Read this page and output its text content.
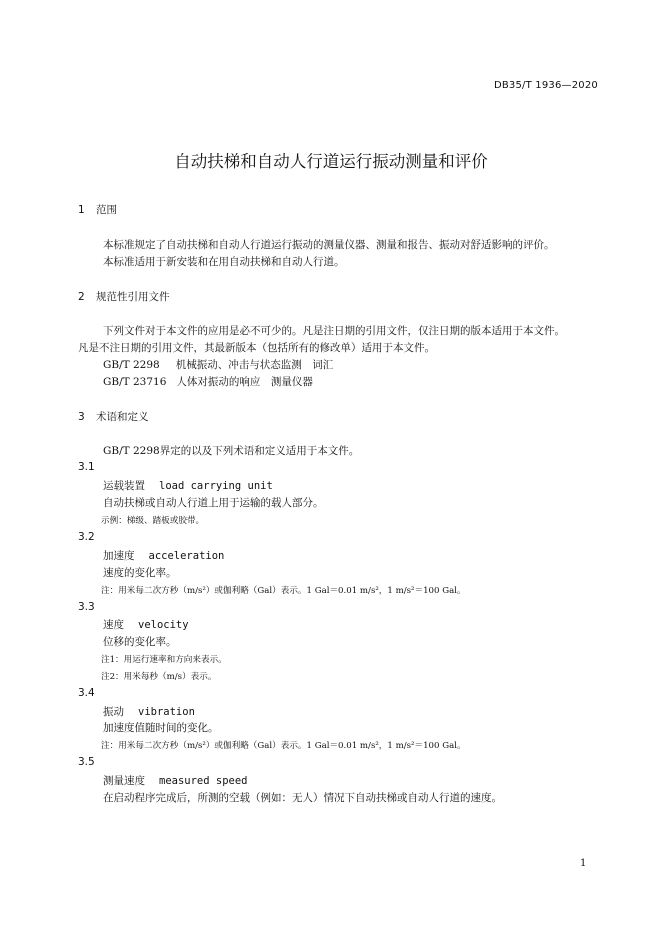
DB35/T 1936—2020
自动扶梯和自动人行道运行振动测量和评价
1 范围
本标准规定了自动扶梯和自动人行道运行振动的测量仪器、测量和报告、振动对舒适影响的评价。
本标准适用于新安装和在用自动扶梯和自动人行道。
2 规范性引用文件
下列文件对于本文件的应用是必不可少的。凡是注日期的引用文件，仅注日期的版本适用于本文件。
凡是不注日期的引用文件，其最新版本（包括所有的修改单）适用于本文件。
GB/T 2298 机械振动、冲击与状态监测　词汇
GB/T 23716 人体对振动的响应　测量仪器
3 术语和定义
GB/T 2298界定的以及下列术语和定义适用于本文件。
3.1
运载装置 load carrying unit
自动扶梯或自动人行道上用于运输的载人部分。
示例：梯级、踏板或胶带。
3.2
加速度 acceleration
速度的变化率。
注：用米每二次方秒（m/s²）或伽利略（Gal）表示。1 Gal＝0.01 m/s²，1 m/s²＝100 Gal。
3.3
速度 velocity
位移的变化率。
注1：用运行速率和方向来表示。
注2：用米每秒（m/s）表示。
3.4
振动 vibration
加速度值随时间的变化。
注：用米每二次方秒（m/s²）或伽利略（Gal）表示。1 Gal＝0.01 m/s²，1 m/s²＝100 Gal。
3.5
测量速度 measured speed
在启动程序完成后，所测的空载（例如：无人）情况下自动扶梯或自动人行道的速度。
1
